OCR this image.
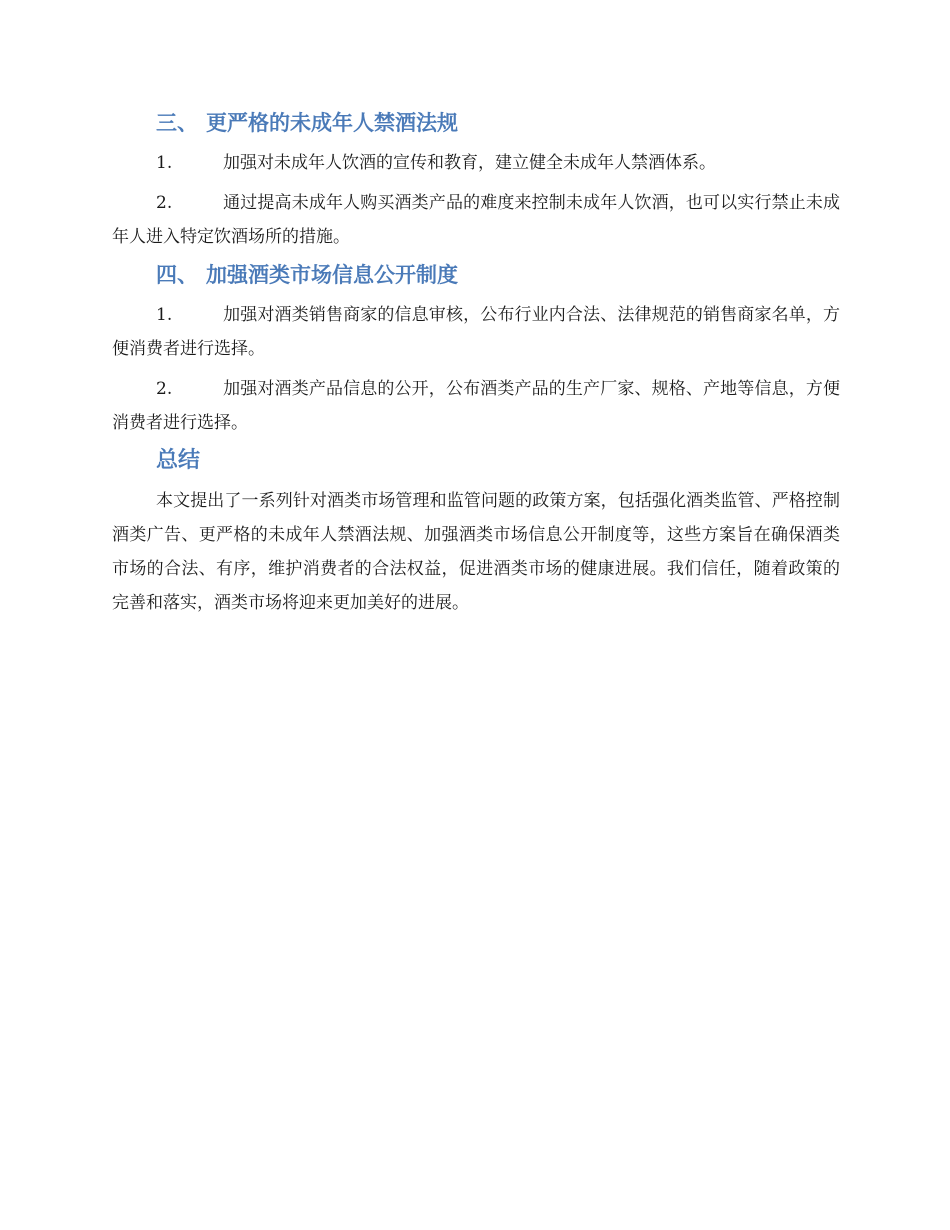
三、 更严格的未成年人禁酒法规

1.	加强对未成年人饮酒的宣传和教育，建立健全未成年人禁酒体系。

2.	通过提高未成年人购买酒类产品的难度来控制未成年人饮酒，也可以实行禁止未成年人进入特定饮酒场所的措施。

四、 加强酒类市场信息公开制度

1.	加强对酒类销售商家的信息审核，公布行业内合法、法律规范的销售商家名单，方便消费者进行选择。

2.	加强对酒类产品信息的公开，公布酒类产品的生产厂家、规格、产地等信息，方便消费者进行选择。

总结

本文提出了一系列针对酒类市场管理和监管问题的政策方案，包括强化酒类监管、严格控制酒类广告、更严格的未成年人禁酒法规、加强酒类市场信息公开制度等，这些方案旨在确保酒类市场的合法、有序，维护消费者的合法权益，促进酒类市场的健康进展。我们信任，随着政策的完善和落实，酒类市场将迎来更加美好的进展。
